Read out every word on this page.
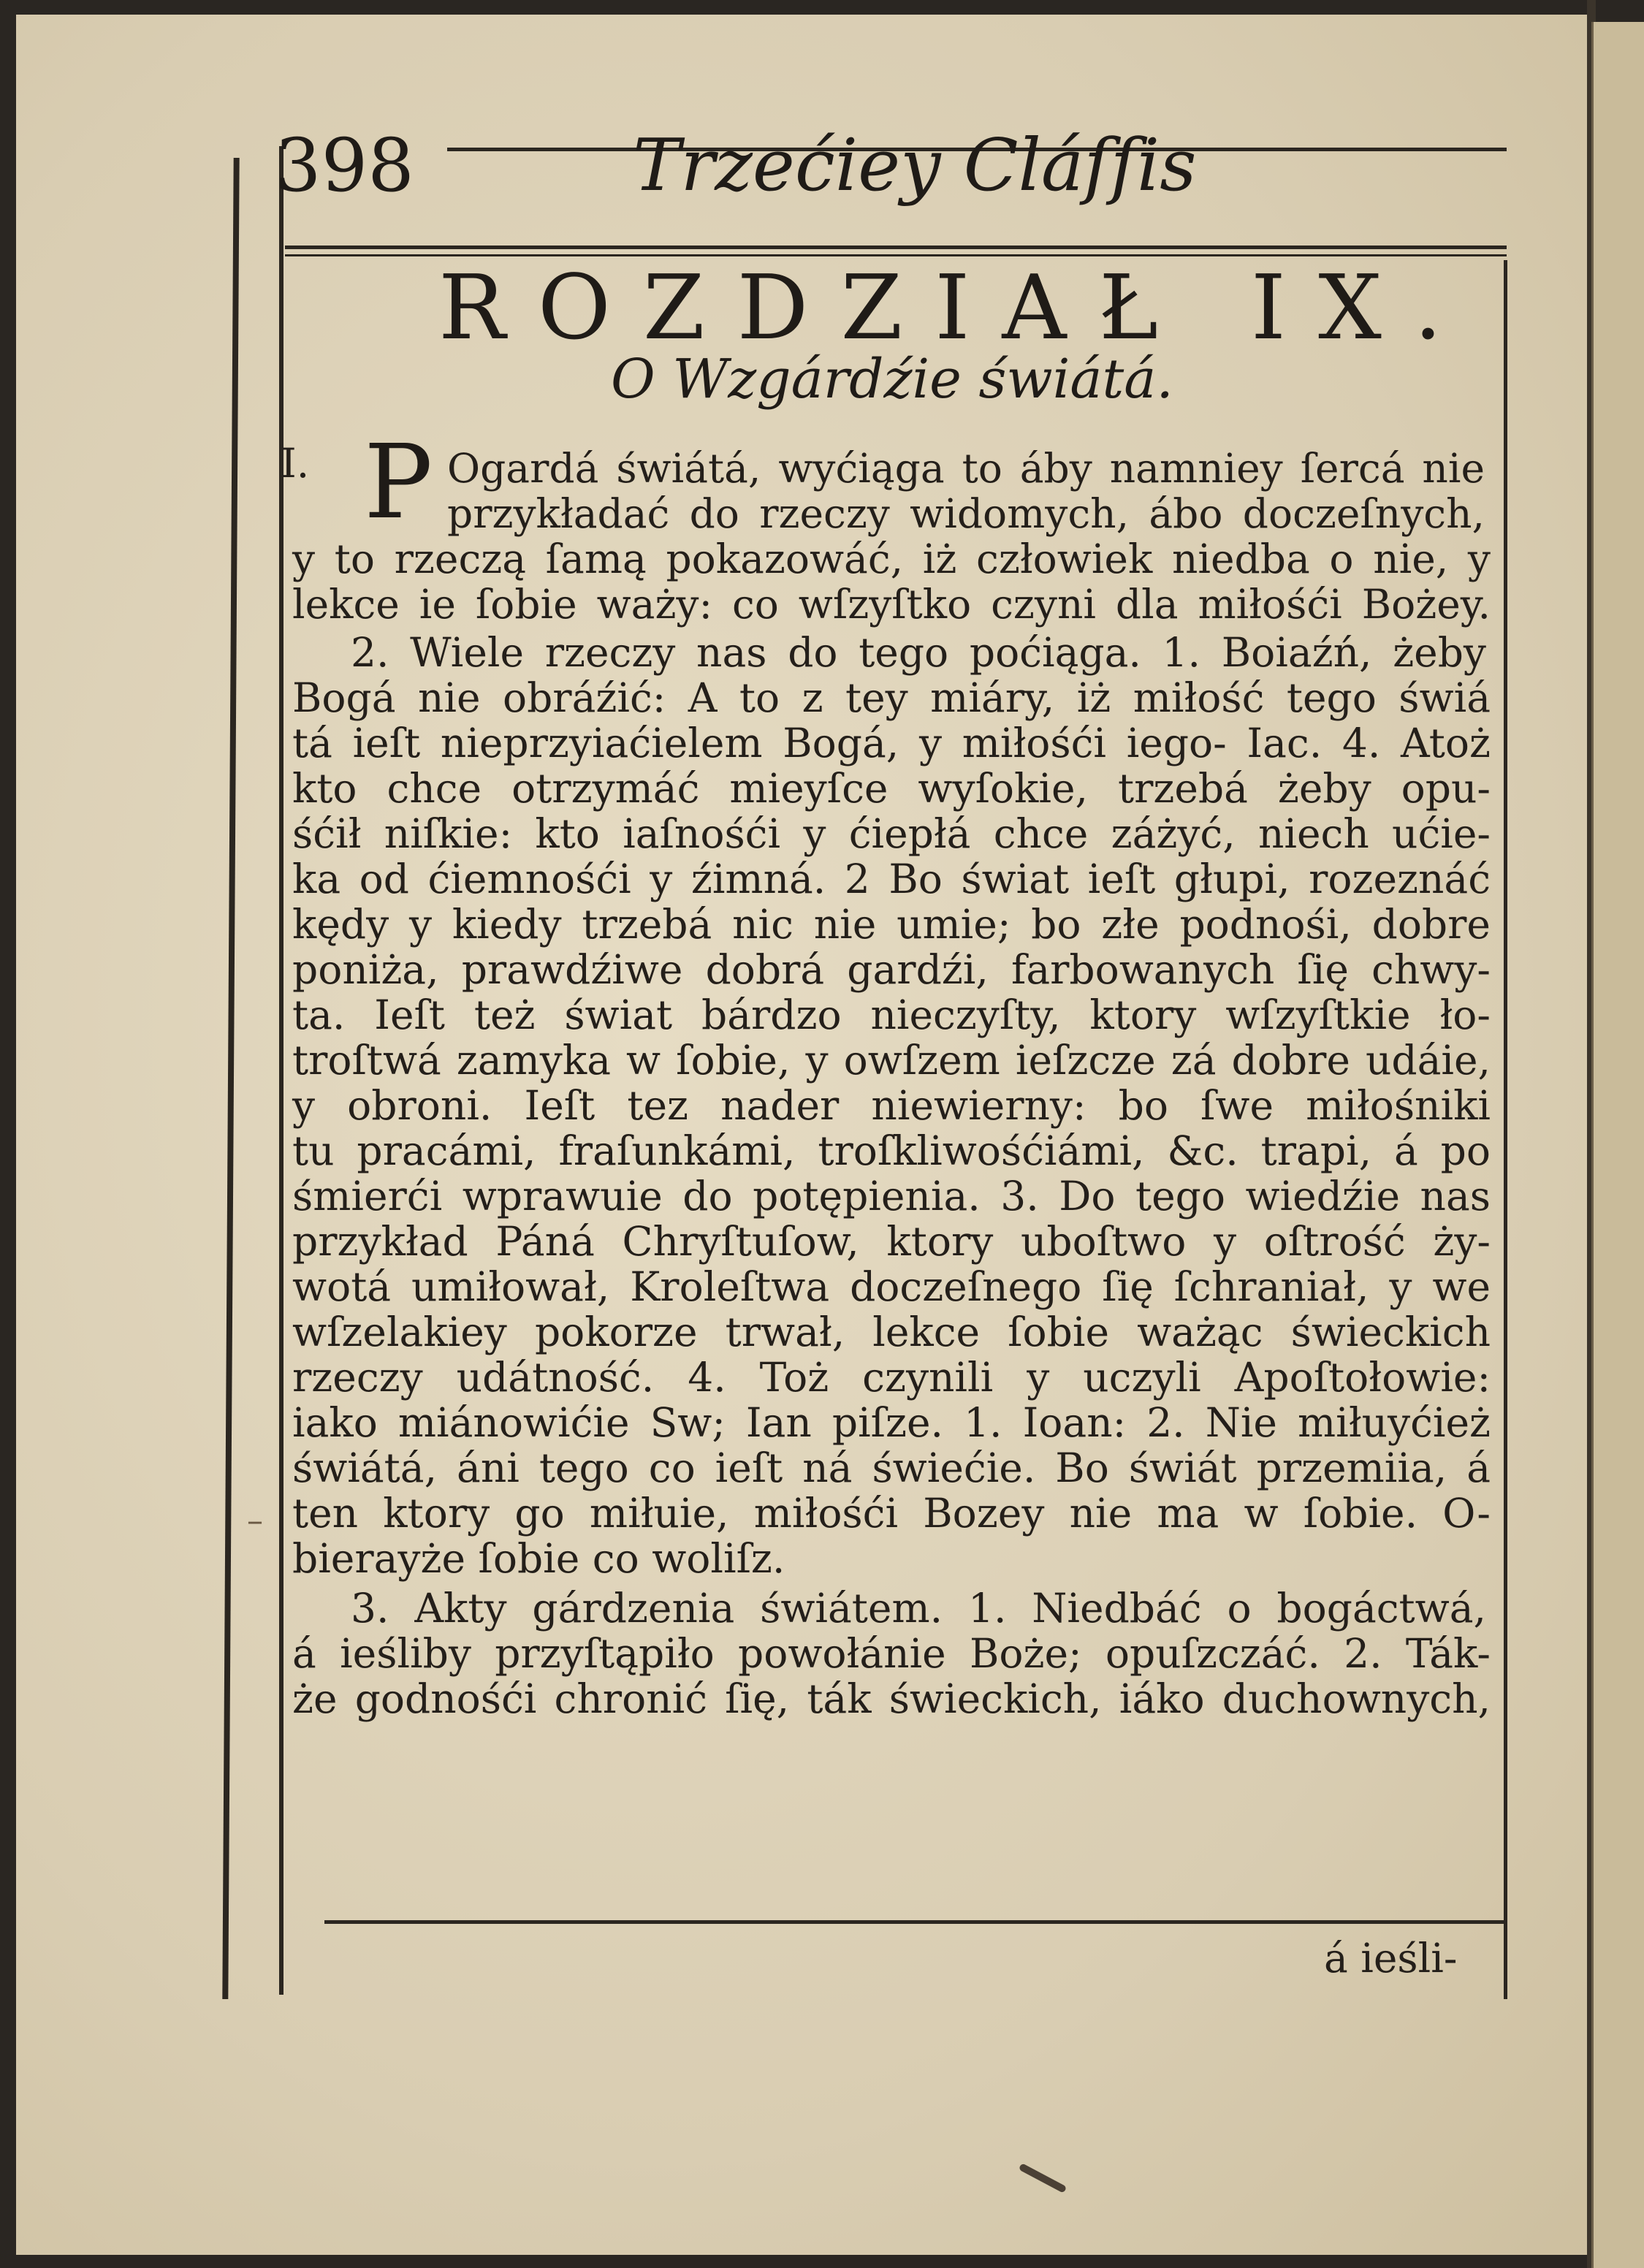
398	Trzećiey Cláſſis
ROZDZIAŁ IX.
O Wzgárdźie świátá.
I. P Ogardá świátá, wyćiąga to áby namniey ſercá nie
przykładać do rzeczy widomych, ábo doczeſnych,
y to rzeczą ſamą pokazowáć, iż człowiek niedba o nie, y
lekce ie ſobie waży: co wſzyſtko czyni dla miłośći Bożey.
2. Wiele rzeczy nas do tego poćiąga. 1. Boiaźń, żeby
Bogá nie obráźić: A to z tey miáry, iż miłość tego świá
tá ieſt nieprzyiaćielem Bogá, y miłośći iego- Iac. 4. Atoż
kto chce otrzymáć mieyſce wyſokie, trzebá żeby opu-
śćił niſkie: kto iaſnośći y ćiepłá chce záżyć, niech ućie-
ka od ćiemnośći y źimná. 2 Bo świat ieſt głupi, rozeznáć
kędy y kiedy trzebá nic nie umie; bo złe podnośi, dobre
poniża, prawdźiwe dobrá gardźi, farbowanych ſię chwy-
ta. Ieſt też świat bárdzo nieczyſty, ktory wſzyſtkie ło-
troſtwá zamyka w ſobie, y owſzem ieſzcze zá dobre udáie,
y obroni. Ieſt tez nader niewierny: bo ſwe miłośniki
tu pracámi, fraſunkámi, troſkliwośćiámi, &c. trapi, á po
śmierći wprawuie do potępienia. 3. Do tego wiedźie nas
przykład Páná Chryſtuſow, ktory uboſtwo y oſtrość ży-
wotá umiłował, Kroleſtwa doczeſnego ſię ſchraniał, y we
wſzelakiey pokorze trwał, lekce ſobie ważąc świeckich
rzeczy udátność. 4. Toż czynili y uczyli Apoſtołowie:
iako miánowićie Sw; Ian piſze. 1. Ioan: 2. Nie miłuyćież
świátá, áni tego co ieſt ná świećie. Bo świát przemiia, á
ten ktory go miłuie, miłośći Bozey nie ma w ſobie. O-
bierayże ſobie co woliſz.
3. Akty gárdzenia świátem. 1. Niedbáć o bogáctwá,
á ieśliby przyſtąpiło powołánie Boże; opuſzczáć. 2. Ták-
że godnośći chronić ſię, ták świeckich, iáko duchownych,
á ieśli-
–
